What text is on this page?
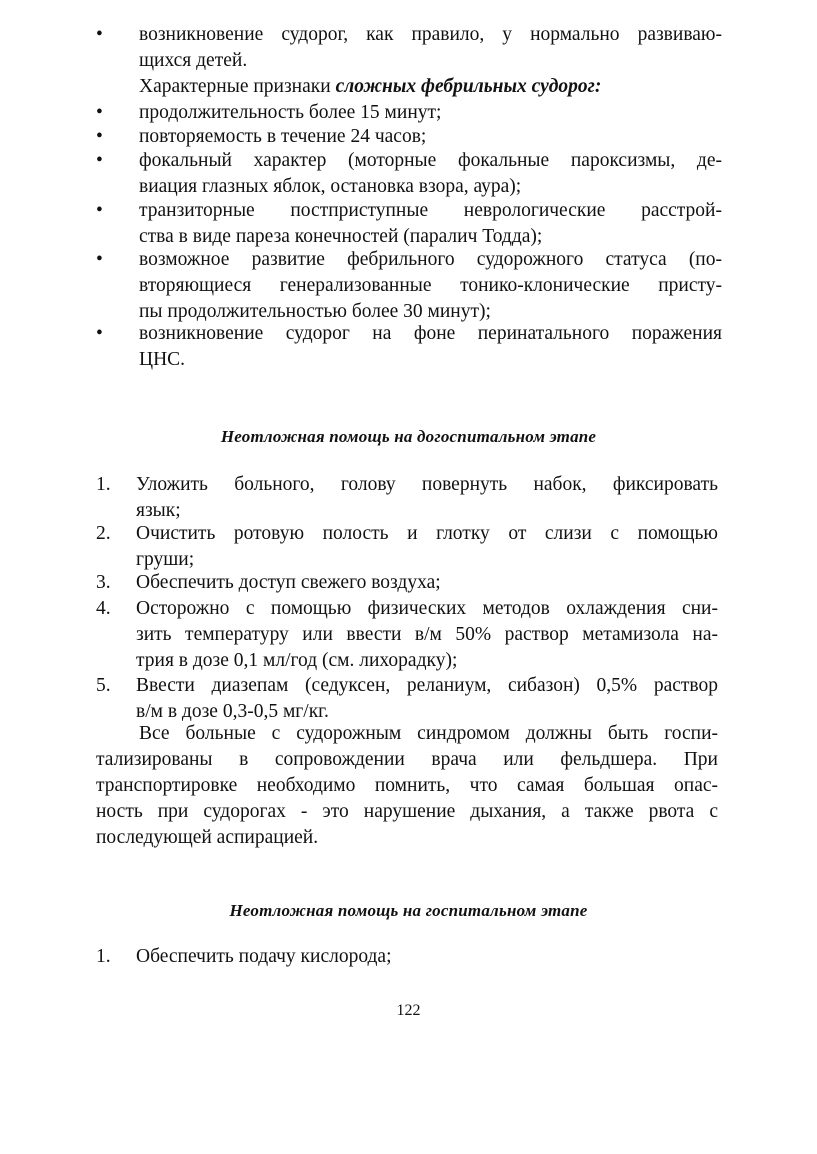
•	возникновение судорог, как правило, у нормально развиваю-
щихся детей.
Характерные признаки сложных фебрильных судорог:
•	продолжительность более 15 минут;
•	повторяемость в течение 24 часов;
•	фокальный характер (моторные фокальные пароксизмы, де-
виация глазных яблок, остановка взора, аура);
•	транзиторные постприступные неврологические расстрой-
ства в виде пареза конечностей (паралич Тодда);
•	возможное развитие фебрильного судорожного статуса (по-
вторяющиеся генерализованные тонико-клонические присту-
пы продолжительностью более 30 минут);
•	возникновение судорог на фоне перинатального поражения
ЦНС.
Неотложная помощь на догоспитальном этапе
1. Уложить больного, голову повернуть набок, фиксировать
язык;
2. Очистить ротовую полость и глотку от слизи с помощью
груши;
3. Обеспечить доступ свежего воздуха;
4. Осторожно с помощью физических методов охлаждения сни-
зить температуру или ввести в/м 50% раствор метамизола на-
трия в дозе 0,1 мл/год (см. лихорадку);
5. Ввести диазепам (седуксен, реланиум, сибазон) 0,5% раствор
в/м в дозе 0,3-0,5 мг/кг.
Все больные с судорожным синдромом должны быть госпи-
тализированы в сопровождении врача или фельдшера. При
транспортировке необходимо помнить, что самая большая опас-
ность при судорогах - это нарушение дыхания, а также рвота с
последующей аспирацией.
Неотложная помощь на госпитальном этапе
1. Обеспечить подачу кислорода;
122
